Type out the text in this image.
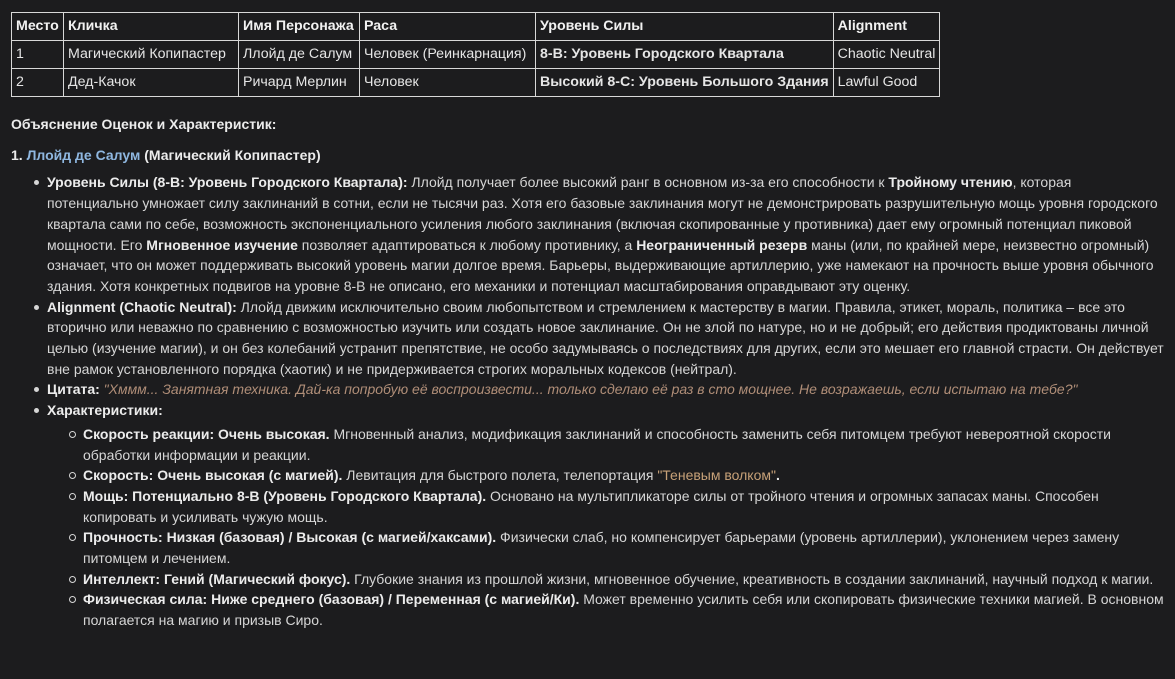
Место	Кличка	Имя Персонажа	Раса	Уровень Силы	Alignment
1	Магический Копипастер	Ллойд де Салум	Человек (Реинкарнация)	8-B: Уровень Городского Квартала	Chaotic Neutral
2	Дед-Качок	Ричард Мерлин	Человек	Высокий 8-C: Уровень Большого Здания	Lawful Good

Объяснение Оценок и Характеристик:

1. Ллойд де Салум (Магический Копипастер)

Уровень Силы (8-B: Уровень Городского Квартала): Ллойд получает более высокий ранг в основном из-за его способности к Тройному чтению, которая потенциально умножает силу заклинаний в сотни, если не тысячи раз. Хотя его базовые заклинания могут не демонстрировать разрушительную мощь уровня городского квартала сами по себе, возможность экспоненциального усиления любого заклинания (включая скопированные у противника) дает ему огромный потенциал пиковой мощности. Его Мгновенное изучение позволяет адаптироваться к любому противнику, а Неограниченный резерв маны (или, по крайней мере, неизвестно огромный) означает, что он может поддерживать высокий уровень магии долгое время. Барьеры, выдерживающие артиллерию, уже намекают на прочность выше уровня обычного здания. Хотя конкретных подвигов на уровне 8-B не описано, его механики и потенциал масштабирования оправдывают эту оценку.
Alignment (Chaotic Neutral): Ллойд движим исключительно своим любопытством и стремлением к мастерству в магии. Правила, этикет, мораль, политика – все это вторично или неважно по сравнению с возможностью изучить или создать новое заклинание. Он не злой по натуре, но и не добрый; его действия продиктованы личной целью (изучение магии), и он без колебаний устранит препятствие, не особо задумываясь о последствиях для других, если это мешает его главной страсти. Он действует вне рамок установленного порядка (хаотик) и не придерживается строгих моральных кодексов (нейтрал).
Цитата: "Хммм... Занятная техника. Дай-ка попробую её воспроизвести... только сделаю её раз в сто мощнее. Не возражаешь, если испытаю на тебе?"
Характеристики:
Скорость реакции: Очень высокая. Мгновенный анализ, модификация заклинаний и способность заменить себя питомцем требуют невероятной скорости обработки информации и реакции.
Скорость: Очень высокая (с магией). Левитация для быстрого полета, телепортация "Теневым волком".
Мощь: Потенциально 8-B (Уровень Городского Квартала). Основано на мультипликаторе силы от тройного чтения и огромных запасах маны. Способен копировать и усиливать чужую мощь.
Прочность: Низкая (базовая) / Высокая (с магией/хаксами). Физически слаб, но компенсирует барьерами (уровень артиллерии), уклонением через замену питомцем и лечением.
Интеллект: Гений (Магический фокус). Глубокие знания из прошлой жизни, мгновенное обучение, креативность в создании заклинаний, научный подход к магии.
Физическая сила: Ниже среднего (базовая) / Переменная (с магией/Ки). Может временно усилить себя или скопировать физические техники магией. В основном полагается на магию и призыв Сиро.
